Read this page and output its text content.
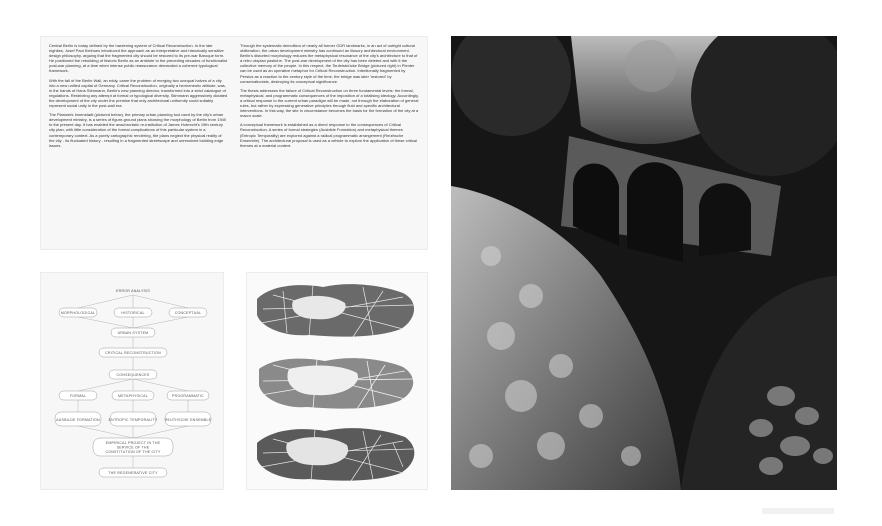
Central Berlin is today defined by the hardening system of Critical Reconstruction. In the late eighties, Josef Paul Kleihues introduced the approach as an interpretative and historically sensitive design philosophy, arguing that the fragmented city should be restored to its pre-war Baroque form. He positioned the rebuilding of historic Berlin as an antidote to the preceding decades of functionalist post-war planning, at a time when intense public reassurance demanded a coherent typological framework.

With the fall of the Berlin Wall, an eddy, came the problem of merging two unequal halves of a city into a new unified capital of Germany. Critical Reconstruction, originally a hermeneutic attitude, was, in the hands of Hans Stimmann, Berlin's new planning director, transformed into a strict catalogue of regulations. Restricting any attempt at formal or typological diversity, Stimmann aggressively dictated the development of the city under the premise that only architectural uniformity could suitably represent social unity in the post-wall era.

The Planwerk Innenstadt (pictured below), the primary urban planning tool used by the city's urban development ministry, is a series of figure-ground plans showing the morphology of Berlin from 1940 to the present day. It has enabled the anachronistic re-institution of James Hobrecht's 19th century city plan, with little consideration of the formal complications of this particular system in a contemporary context. As a purely cartographic rendering, the plans neglect the physical reality of the city - its fluctuated history - resulting in a fragmented streetscape and unresolved building edge issues.

Through the systematic demolition of nearly all former GDR landmarks, in an act of outright cultural obliteration, the urban development ministry has continued an illusory architectural environment. Berlin's distorted morphology reduces the metaphysical resonance of the city's architecture to that of a retro utopian pastiche. The post-war development of the city has been deleted and with it the collective memory of the people. In this respect, the Teufelsbrücke Bridge (pictured right) in Plenter can be used as an operative metaphor for Critical Reconstruction. Intentionally fragmented by Persius as a reaction to the century style of the time, the bridge was later 'restored' by conservationists, destroying its conceptual significance.

The thesis addresses the failure of Critical Reconstruction on three fundamental levels: the formal, metaphysical, and programmatic consequences of the imposition of a totalising ideology. Accordingly, a critical response to the current urban paradigm will be made, not through the elaboration of general rules, but rather by expressing generative principles through fluid and specific architectural interventions. In this way, the site in circumstance becomes the basis for the formation of the city at a macro scale.

A conceptual framework is established as a direct response to the consequences of Critical Reconstruction. A series of formal strategies (Ausbilde Formation) and metaphysical themes (Entropic Temporality) are explored against a radical programmatic arrangement (Reuthsche Ensemble). The architectural proposal is used as a vehicle to explore the application of these critical themes at a material context.

ERROR ANALYSIS
MORPHOLOGICAL	HISTORICAL	CONCEPTUAL
URBAN SYSTEM
CRITICAL RECONSTRUCTION
CONSEQUENCES
FORMAL	METAPHYSICAL	PROGRAMMATIC
AUSBILDE FORMATION ENTROPIC TEMPORALITY REUTHSCHE ENSEMBLE
EMPIRICAL PROJECT IN THE
SERVICE OF THE
CONSTITUTION OF THE CITY
THE REGENERATIVE CITY
